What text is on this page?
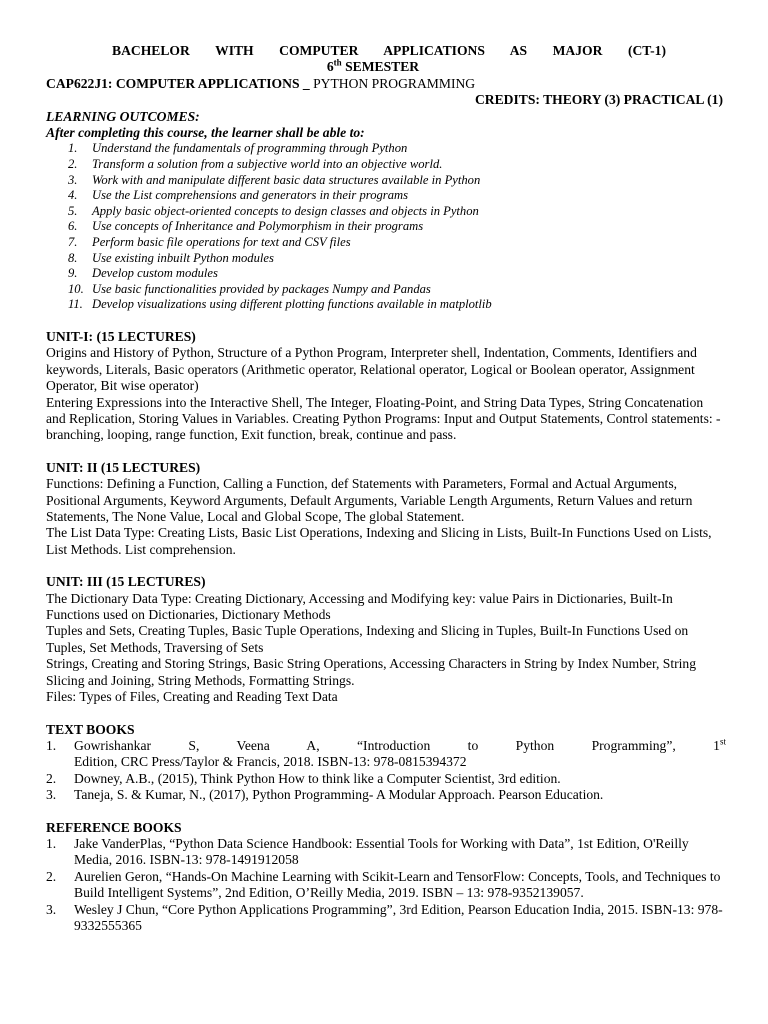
BACHELOR WITH COMPUTER APPLICATIONS AS MAJOR (CT-1)
6th SEMESTER
CAP622J1: COMPUTER APPLICATIONS _ PYTHON PROGRAMMING
CREDITS: THEORY (3) PRACTICAL (1)
LEARNING OUTCOMES:
After completing this course, the learner shall be able to:
1.	Understand the fundamentals of programming through Python
2.	Transform a solution from a subjective world into an objective world.
3.	Work with and manipulate different basic data structures available in Python
4.	Use the List comprehensions and generators in their programs
5.	Apply basic object-oriented concepts to design classes and objects in Python
6.	Use concepts of Inheritance and Polymorphism in their programs
7.	Perform basic file operations for text and CSV files
8.	Use existing inbuilt Python modules
9.	Develop custom modules
10. Use basic functionalities provided by packages Numpy and Pandas
11. Develop visualizations using different plotting functions available in matplotlib
UNIT-I: (15 LECTURES)
Origins and History of Python, Structure of a Python Program, Interpreter shell, Indentation, Comments, Identifiers and keywords, Literals, Basic operators (Arithmetic operator, Relational operator, Logical or Boolean operator, Assignment Operator, Bit wise operator)
Entering Expressions into the Interactive Shell, The Integer, Floating-Point, and String Data Types, String Concatenation and Replication, Storing Values in Variables. Creating Python Programs: Input and Output Statements, Control statements: -branching, looping, range function, Exit function, break, continue and pass.
UNIT: II (15 LECTURES)
Functions: Defining a Function, Calling a Function, def Statements with Parameters, Formal and Actual Arguments, Positional Arguments, Keyword Arguments, Default Arguments, Variable Length Arguments, Return Values and return Statements, The None Value, Local and Global Scope, The global Statement.
The List Data Type: Creating Lists, Basic List Operations, Indexing and Slicing in Lists, Built-In Functions Used on Lists, List Methods. List comprehension.
UNIT: III (15 LECTURES)
The Dictionary Data Type: Creating Dictionary, Accessing and Modifying key: value Pairs in Dictionaries, Built-In Functions used on Dictionaries, Dictionary Methods
Tuples and Sets, Creating Tuples, Basic Tuple Operations, Indexing and Slicing in Tuples, Built-In Functions Used on Tuples, Set Methods, Traversing of Sets
Strings, Creating and Storing Strings, Basic String Operations, Accessing Characters in String by Index Number, String Slicing and Joining, String Methods, Formatting Strings.
Files: Types of Files, Creating and Reading Text Data
TEXT BOOKS
1.	Gowrishankar S, Veena A, “Introduction to Python Programming”, 1st
Edition, CRC Press/Taylor & Francis, 2018. ISBN-13: 978-0815394372
2.	Downey, A.B., (2015), Think Python How to think like a Computer Scientist, 3rd edition.
3.	Taneja, S. & Kumar, N., (2017), Python Programming- A Modular Approach. Pearson Education.
REFERENCE BOOKS
1.	Jake VanderPlas, “Python Data Science Handbook: Essential Tools for Working with Data”, 1st Edition, O'Reilly Media, 2016. ISBN-13: 978-1491912058
2.	Aurelien Geron, “Hands-On Machine Learning with Scikit-Learn and TensorFlow: Concepts, Tools, and Techniques to Build Intelligent Systems”, 2nd Edition, O’Reilly Media, 2019. ISBN – 13: 978-9352139057.
3.	Wesley J Chun, “Core Python Applications Programming”, 3rd Edition, Pearson Education India, 2015. ISBN-13: 978-9332555365
